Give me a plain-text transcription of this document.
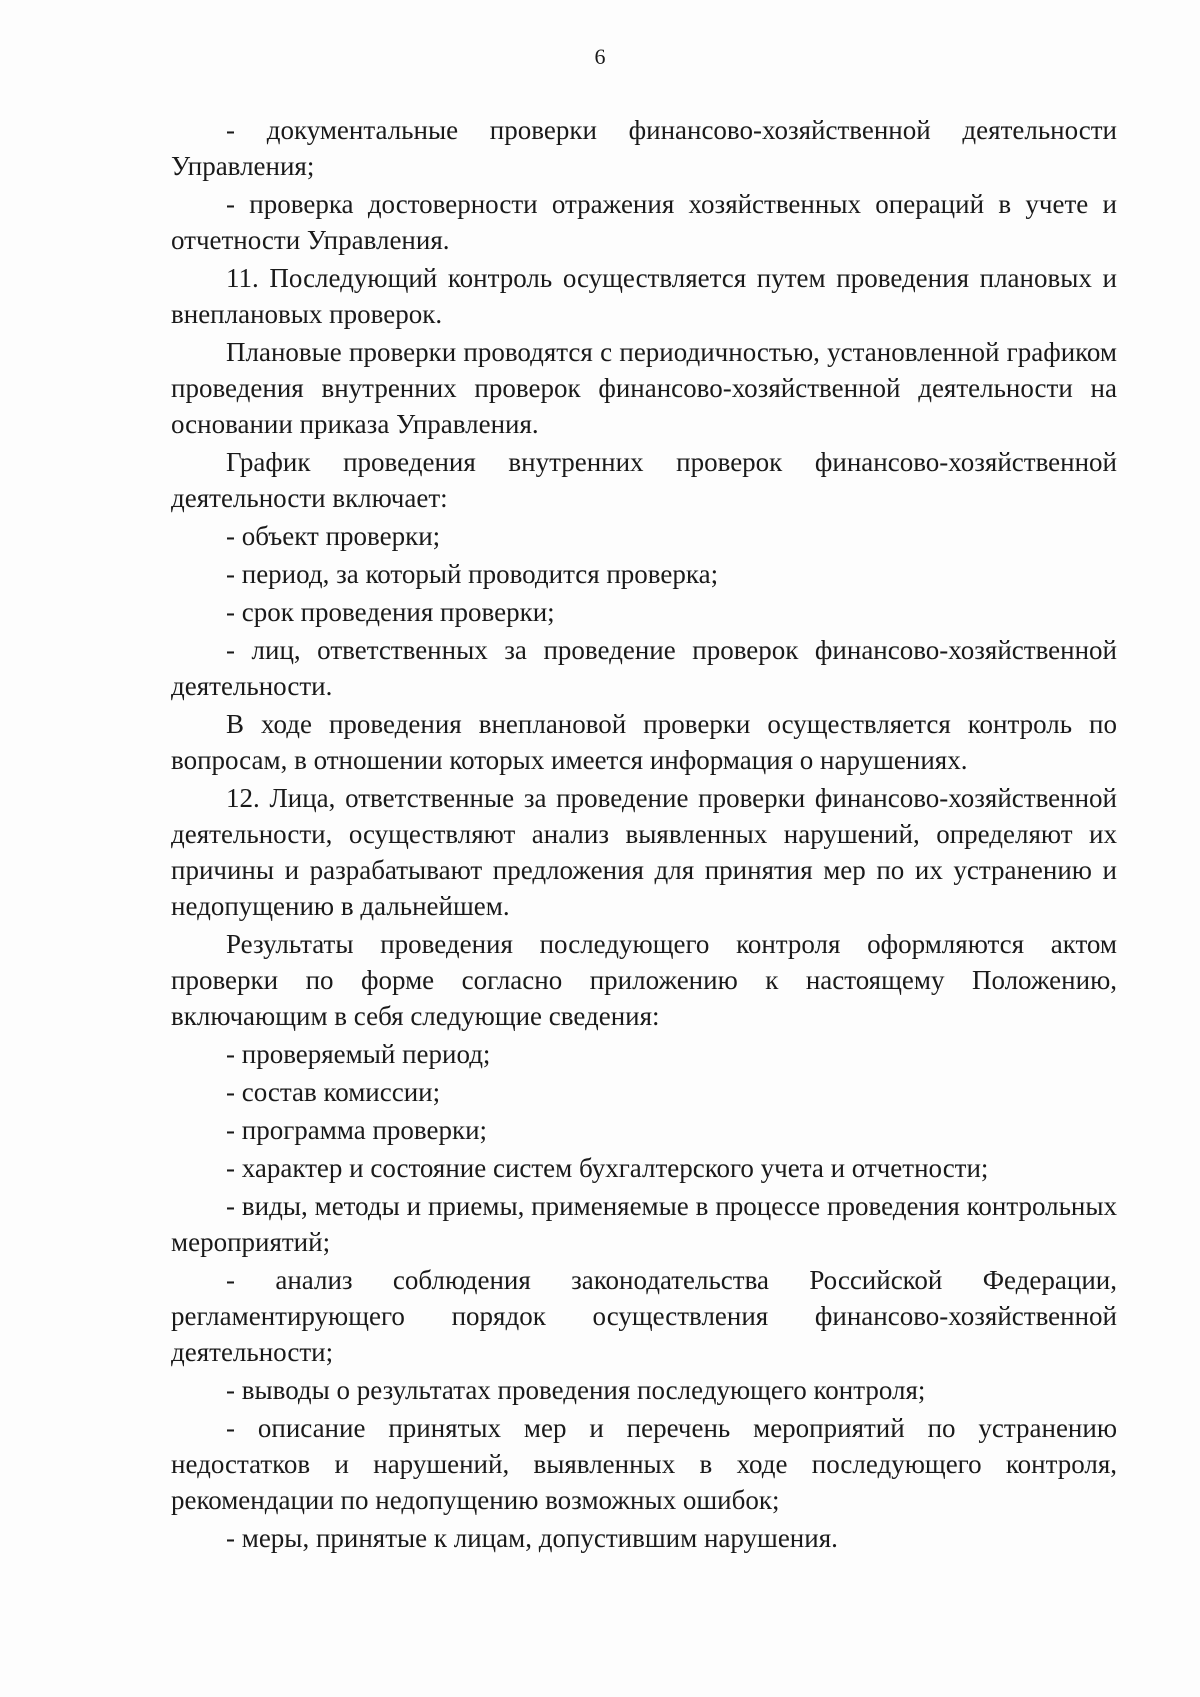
6

- документальные проверки финансово-хозяйственной деятельности Управления;

- проверка достоверности отражения хозяйственных операций в учете и отчетности Управления.

11. Последующий контроль осуществляется путем проведения плановых и внеплановых проверок.

Плановые проверки проводятся с периодичностью, установленной графиком проведения внутренних проверок финансово-хозяйственной деятельности на основании приказа Управления.

График проведения внутренних проверок финансово-хозяйственной деятельности включает:

- объект проверки;

- период, за который проводится проверка;

- срок проведения проверки;

- лиц, ответственных за проведение проверок финансово-хозяйственной деятельности.

В ходе проведения внеплановой проверки осуществляется контроль по вопросам, в отношении которых имеется информация о нарушениях.

12. Лица, ответственные за проведение проверки финансово-хозяйственной деятельности, осуществляют анализ выявленных нарушений, определяют их причины и разрабатывают предложения для принятия мер по их устранению и недопущению в дальнейшем.

Результаты проведения последующего контроля оформляются актом проверки по форме согласно приложению к настоящему Положению, включающим в себя следующие сведения:

- проверяемый период;

- состав комиссии;

- программа проверки;

- характер и состояние систем бухгалтерского учета и отчетности;

- виды, методы и приемы, применяемые в процессе проведения контрольных мероприятий;

- анализ соблюдения законодательства Российской Федерации, регламентирующего порядок осуществления финансово-хозяйственной деятельности;

- выводы о результатах проведения последующего контроля;

- описание принятых мер и перечень мероприятий по устранению недостатков и нарушений, выявленных в ходе последующего контроля, рекомендации по недопущению возможных ошибок;

- меры, принятые к лицам, допустившим нарушения.
